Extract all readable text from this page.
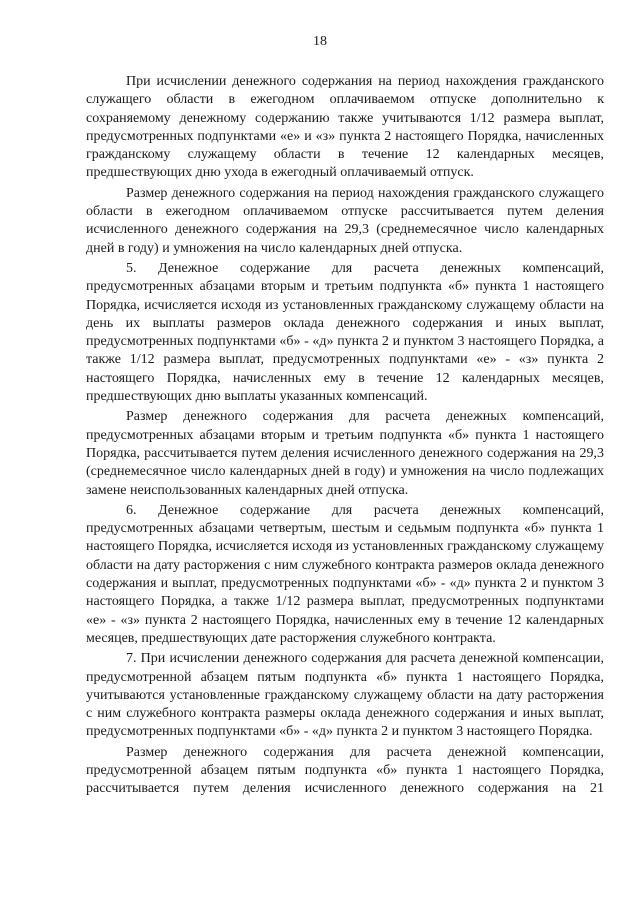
18

При исчислении денежного содержания на период нахождения гражданского служащего области в ежегодном оплачиваемом отпуске дополнительно к сохраняемому денежному содержанию также учитываются 1/12 размера выплат, предусмотренных подпунктами «е» и «з» пункта 2 настоящего Порядка, начисленных гражданскому служащему области в течение 12 календарных месяцев, предшествующих дню ухода в ежегодный оплачиваемый отпуск.

Размер денежного содержания на период нахождения гражданского служащего области в ежегодном оплачиваемом отпуске рассчитывается путем деления исчисленного денежного содержания на 29,3 (среднемесячное число календарных дней в году) и умножения на число календарных дней отпуска.

5. Денежное содержание для расчета денежных компенсаций, предусмотренных абзацами вторым и третьим подпункта «б» пункта 1 настоящего Порядка, исчисляется исходя из установленных гражданскому служащему области на день их выплаты размеров оклада денежного содержания и иных выплат, предусмотренных подпунктами «б» - «д» пункта 2 и пунктом 3 настоящего Порядка, а также 1/12 размера выплат, предусмотренных подпунктами «е» - «з» пункта 2 настоящего Порядка, начисленных ему в течение 12 календарных месяцев, предшествующих дню выплаты указанных компенсаций.

Размер денежного содержания для расчета денежных компенсаций, предусмотренных абзацами вторым и третьим подпункта «б» пункта 1 настоящего Порядка, рассчитывается путем деления исчисленного денежного содержания на 29,3 (среднемесячное число календарных дней в году) и умножения на число подлежащих замене неиспользованных календарных дней отпуска.

6. Денежное содержание для расчета денежных компенсаций, предусмотренных абзацами четвертым, шестым и седьмым подпункта «б» пункта 1 настоящего Порядка, исчисляется исходя из установленных гражданскому служащему области на дату расторжения с ним служебного контракта размеров оклада денежного содержания и выплат, предусмотренных подпунктами «б» - «д» пункта 2 и пунктом 3 настоящего Порядка, а также 1/12 размера выплат, предусмотренных подпунктами «е» - «з» пункта 2 настоящего Порядка, начисленных ему в течение 12 календарных месяцев, предшествующих дате расторжения служебного контракта.

7. При исчислении денежного содержания для расчета денежной компенсации, предусмотренной абзацем пятым подпункта «б» пункта 1 настоящего Порядка, учитываются установленные гражданскому служащему области на дату расторжения с ним служебного контракта размеры оклада денежного содержания и иных выплат, предусмотренных подпунктами «б» - «д» пункта 2 и пунктом 3 настоящего Порядка.

Размер денежного содержания для расчета денежной компенсации, предусмотренной абзацем пятым подпункта «б» пункта 1 настоящего Порядка, рассчитывается путем деления исчисленного денежного содержания на 21
